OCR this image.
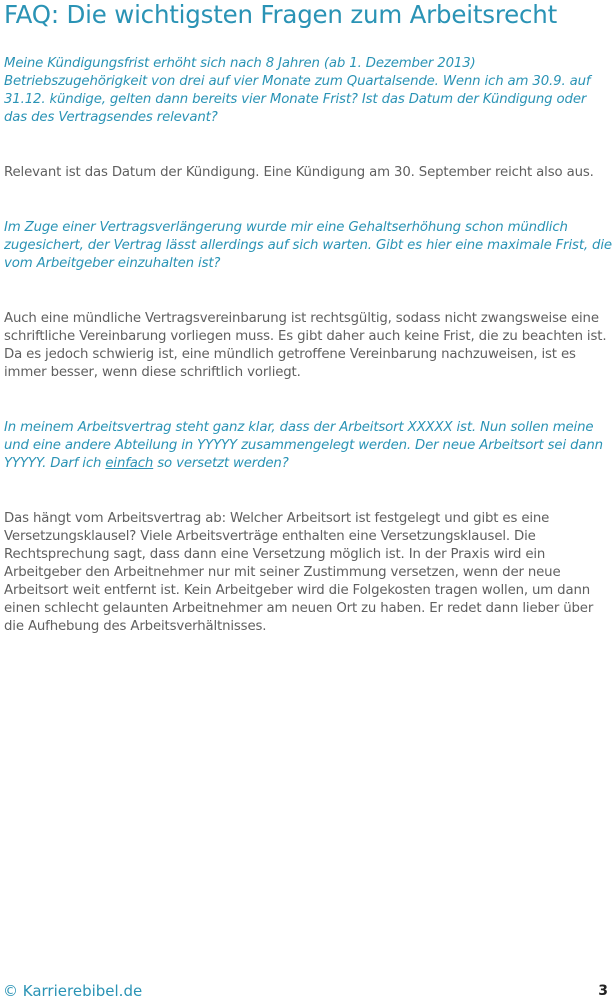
FAQ: Die wichtigsten Fragen zum Arbeitsrecht

Meine Kündigungsfrist erhöht sich nach 8 Jahren (ab 1. Dezember 2013) Betriebszugehörigkeit von drei auf vier Monate zum Quartalsende. Wenn ich am 30.9. auf 31.12. kündige, gelten dann bereits vier Monate Frist? Ist das Datum der Kündigung oder das des Vertragsendes relevant?

Relevant ist das Datum der Kündigung. Eine Kündigung am 30. September reicht also aus.

Im Zuge einer Vertragsverlängerung wurde mir eine Gehaltserhöhung schon mündlich zugesichert, der Vertrag lässt allerdings auf sich warten. Gibt es hier eine maximale Frist, die vom Arbeitgeber einzuhalten ist?

Auch eine mündliche Vertragsvereinbarung ist rechtsgültig, sodass nicht zwangsweise eine schriftliche Vereinbarung vorliegen muss. Es gibt daher auch keine Frist, die zu beachten ist. Da es jedoch schwierig ist, eine mündlich getroffene Vereinbarung nachzuweisen, ist es immer besser, wenn diese schriftlich vorliegt.

In meinem Arbeitsvertrag steht ganz klar, dass der Arbeitsort XXXXX ist. Nun sollen meine und eine andere Abteilung in YYYYY zusammengelegt werden. Der neue Arbeitsort sei dann YYYYY. Darf ich einfach so versetzt werden?

Das hängt vom Arbeitsvertrag ab: Welcher Arbeitsort ist festgelegt und gibt es eine Versetzungsklausel? Viele Arbeitsverträge enthalten eine Versetzungsklausel. Die Rechtsprechung sagt, dass dann eine Versetzung möglich ist. In der Praxis wird ein Arbeitgeber den Arbeitnehmer nur mit seiner Zustimmung versetzen, wenn der neue Arbeitsort weit entfernt ist. Kein Arbeitgeber wird die Folgekosten tragen wollen, um dann einen schlecht gelaunten Arbeitnehmer am neuen Ort zu haben. Er redet dann lieber über die Aufhebung des Arbeitsverhältnisses.

© Karrierebibel.de	3
